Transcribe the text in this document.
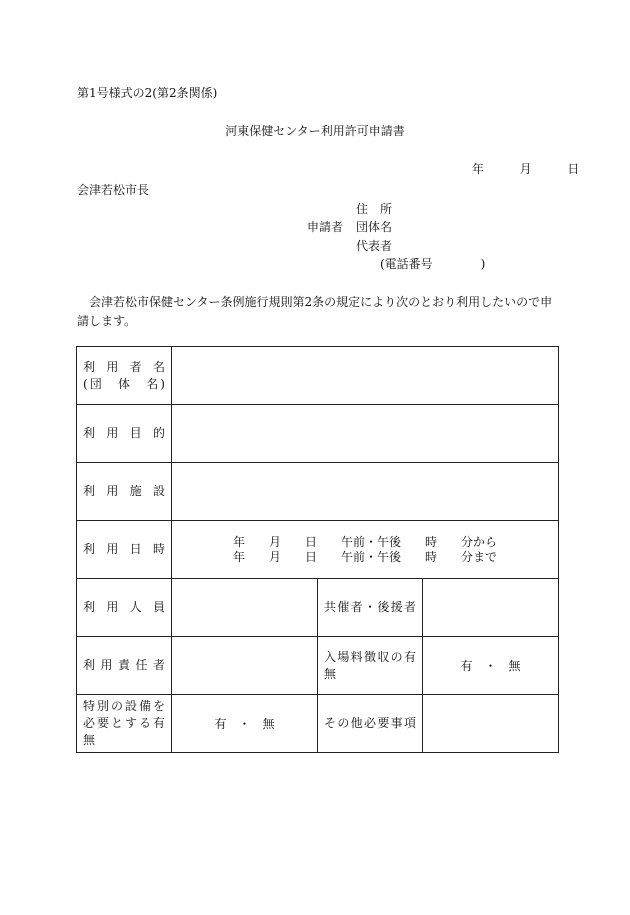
第1号様式の2(第2条関係)
河東保健センター利用許可申請書
年	月	日
会津若松市長
住　所
申請者 団体名
代表者
(電話番号　　　　)
会津若松市保健センター条例施行規則第2条の規定により次のとおり利用したいので申請します。
利 用 者 名
(団　体　名)			

利 用 目 的			

利 用 施 設			

利 用 日 時	年　　月　　日　　午前・午後　　時　　分から
年　　月　　日　　午前・午後　　時　　分まで		

利 用 人 員		共催者・後援者	

利 用 責 任 者		入場料徴収の有無	有　・　無

特別の設備を
必要とする有無	有　・　無	その他必要事項	
